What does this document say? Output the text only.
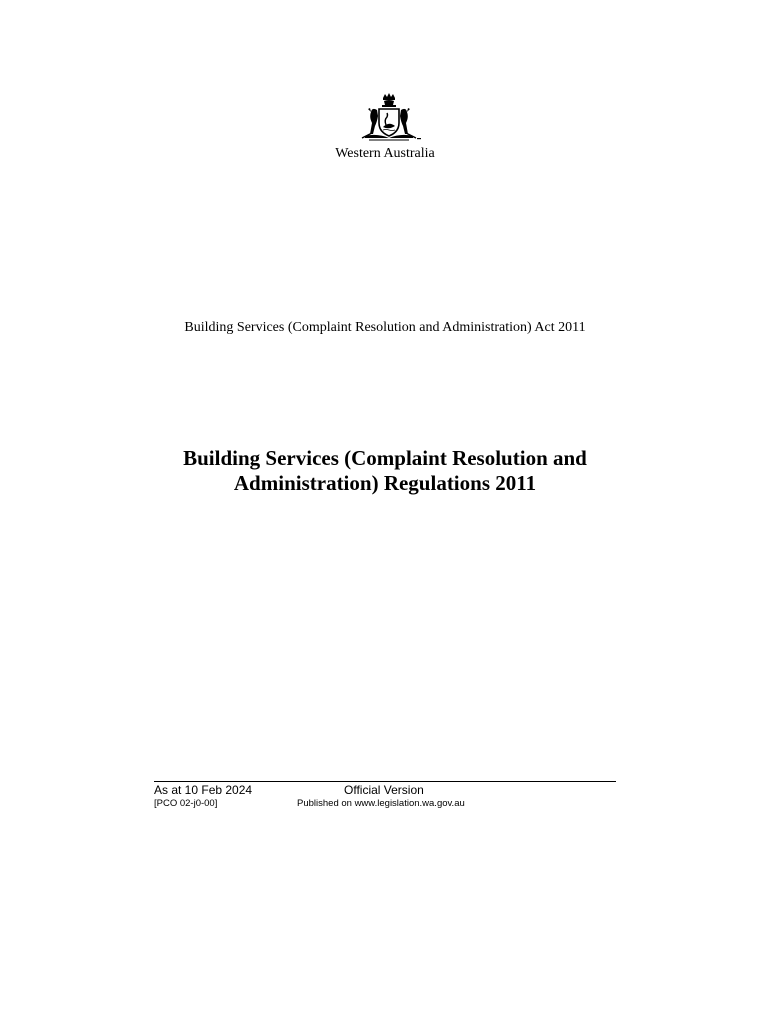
Western Australia
Building Services (Complaint Resolution and Administration) Act 2011
Building Services (Complaint Resolution and
Administration) Regulations 2011
As at 10 Feb 2024
[PCO 02-j0-00]
Official Version
Published on www.legislation.wa.gov.au
